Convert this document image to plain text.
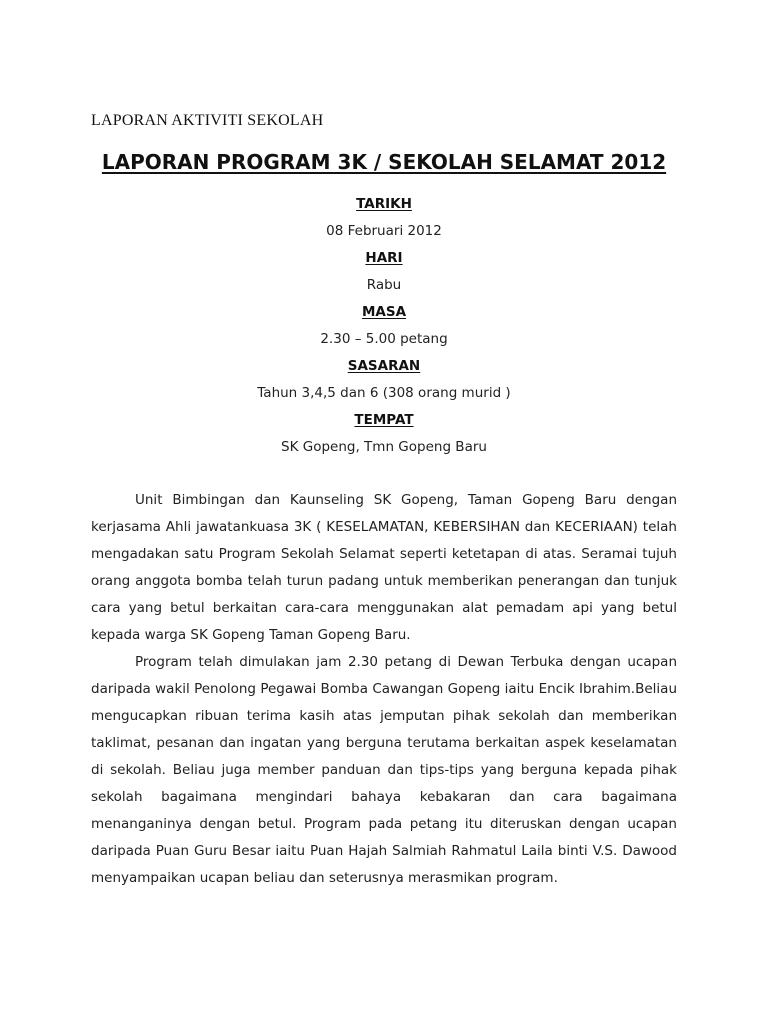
LAPORAN AKTIVITI SEKOLAH
LAPORAN PROGRAM 3K / SEKOLAH SELAMAT 2012
TARIKH
08 Februari 2012
HARI
Rabu
MASA
2.30 – 5.00 petang
SASARAN
Tahun 3,4,5 dan 6 (308 orang murid )
TEMPAT
SK Gopeng, Tmn Gopeng Baru

Unit Bimbingan dan Kaunseling SK Gopeng, Taman Gopeng Baru dengan kerjasama Ahli jawatankuasa 3K ( KESELAMATAN, KEBERSIHAN dan KECERIAAN) telah mengadakan satu Program Sekolah Selamat seperti ketetapan di atas. Seramai tujuh orang anggota bomba telah turun padang untuk memberikan penerangan dan tunjuk cara yang betul berkaitan cara-cara menggunakan alat pemadam api yang betul kepada warga SK Gopeng Taman Gopeng Baru.

Program telah dimulakan jam 2.30 petang di Dewan Terbuka dengan ucapan daripada wakil Penolong Pegawai Bomba Cawangan Gopeng iaitu Encik Ibrahim.Beliau mengucapkan ribuan terima kasih atas jemputan pihak sekolah dan memberikan taklimat, pesanan dan ingatan yang berguna terutama berkaitan aspek keselamatan di sekolah. Beliau juga member panduan dan tips-tips yang berguna kepada pihak sekolah bagaimana mengindari bahaya kebakaran dan cara bagaimana menanganinya dengan betul. Program pada petang itu diteruskan dengan ucapan daripada Puan Guru Besar iaitu Puan Hajah Salmiah Rahmatul Laila binti V.S. Dawood menyampaikan ucapan beliau dan seterusnya merasmikan program.
